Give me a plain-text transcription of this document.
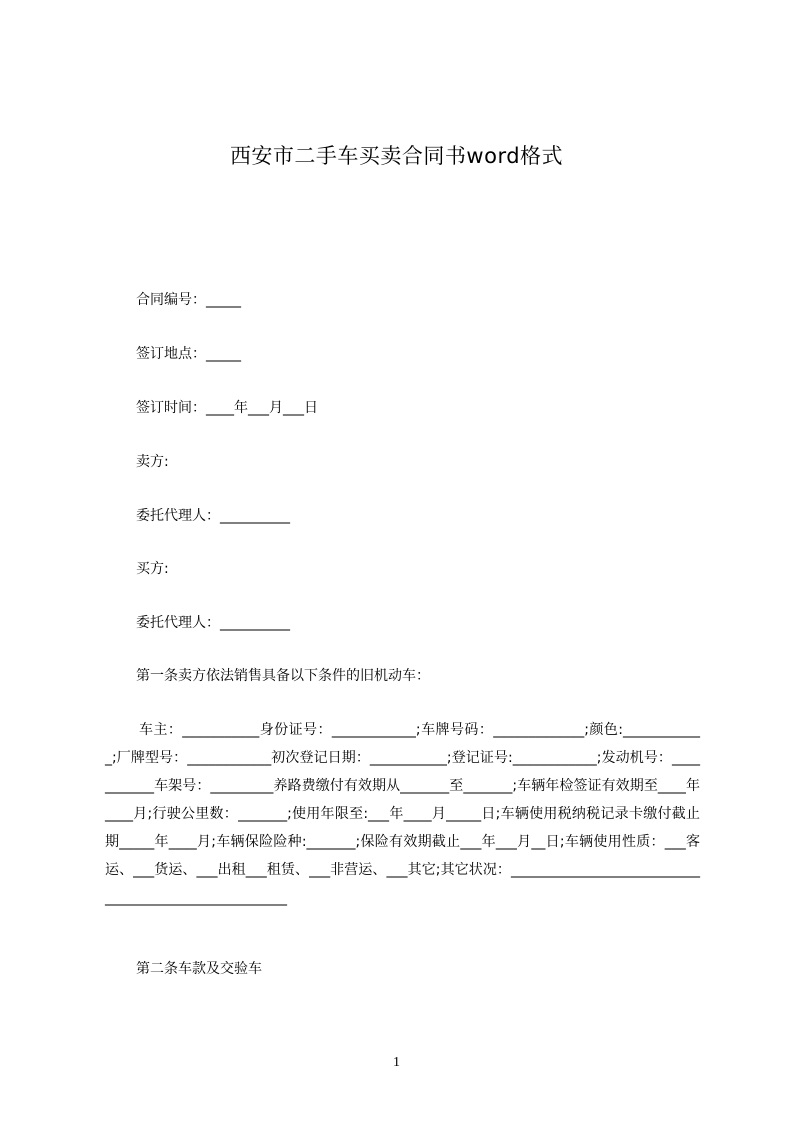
西安市二手车买卖合同书word格式
合同编号：_____
签订地点：_____
签订时间：____年___月___日
卖方:
委托代理人：__________
买方:
委托代理人：__________
第一条卖方依法销售具备以下条件的旧机动车：
车主：___________身份证号：____________;车牌号码：_____________;颜色:____________;厂牌型号：____________初次登记日期：___________;登记证号:____________;发动机号：___________车架号：_________养路费缴付有效期从_______至_______;车辆年检签证有效期至____年____月;行驶公里数：_______;使用年限至:___年____月_____日;车辆使用税纳税记录卡缴付截止期_____年____月;车辆保险险种:_______;保险有效期截止___年___月__日;车辆使用性质：___客运、___货运、___出租___租赁、___非营运、___其它;其它状况：_____________________________________________________
第二条车款及交验车
1
